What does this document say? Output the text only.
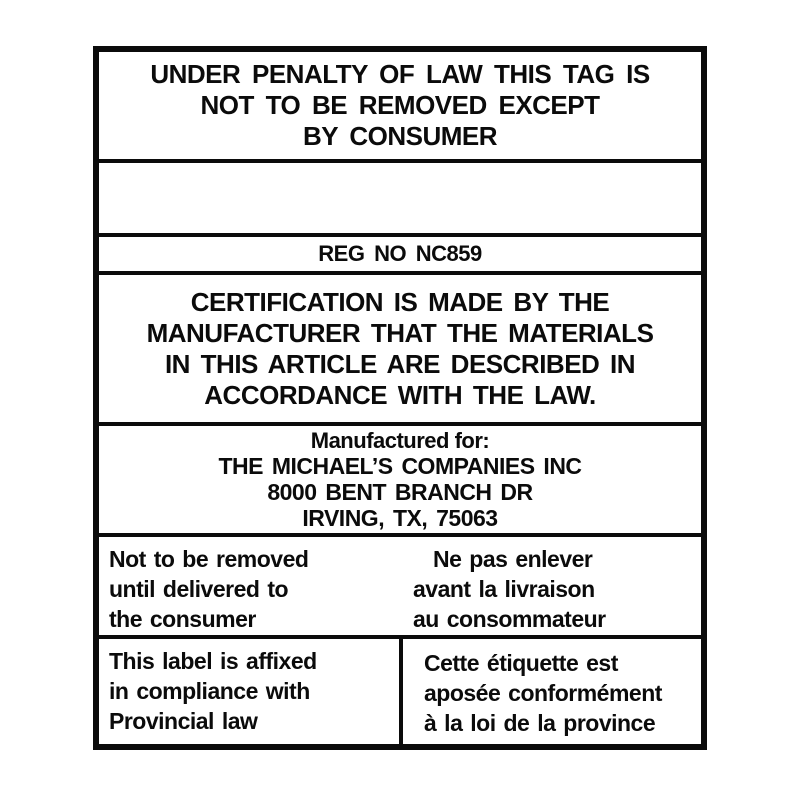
UNDER PENALTY OF LAW THIS TAG IS
NOT TO BE REMOVED EXCEPT
BY CONSUMER
REG NO NC859
CERTIFICATION IS MADE BY THE
MANUFACTURER THAT THE MATERIALS
IN THIS ARTICLE ARE DESCRIBED IN
ACCORDANCE WITH THE LAW.
Manufactured for:
THE MICHAEL’S COMPANIES INC
8000 BENT BRANCH DR
IRVING, TX, 75063
Not to be removed
until delivered to
the consumer
Ne pas enlever
avant la livraison
au consommateur
This label is affixed
in compliance with
Provincial law
Cette étiquette est
aposée conformément
à la loi de la province
